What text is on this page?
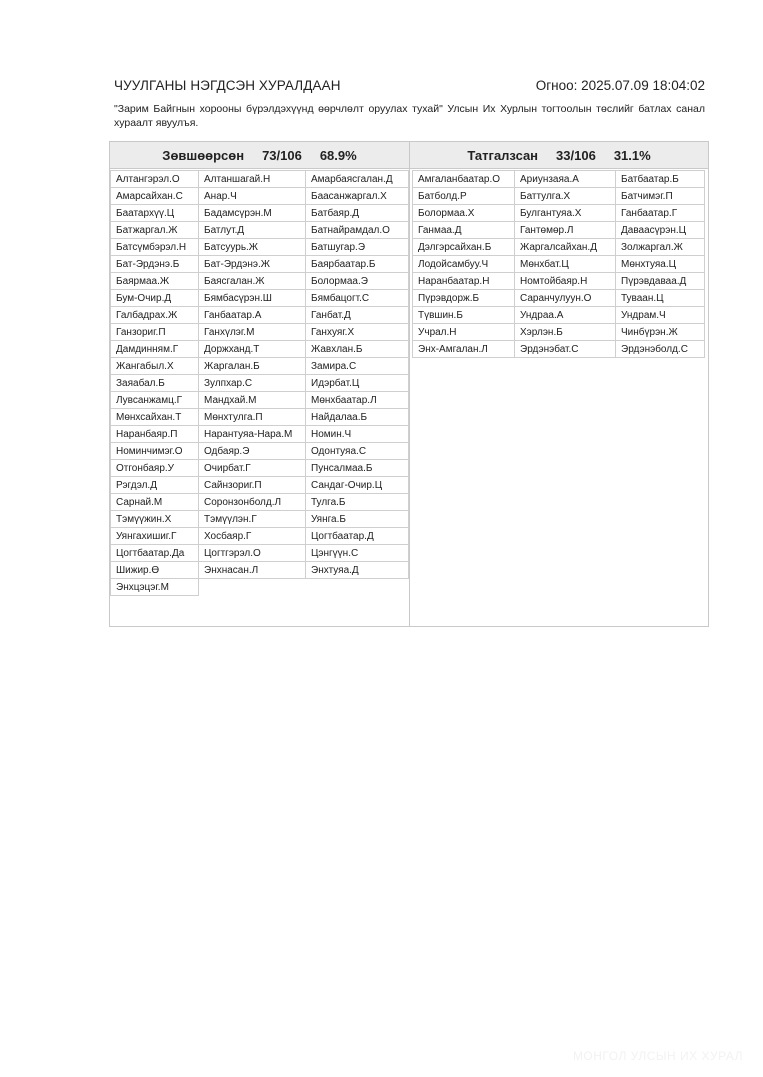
ЧУУЛГАНЫ НЭГДСЭН ХУРАЛДААН	Огноо: 2025.07.09 18:04:02
"Зарим Байгнын хорооны бүрэлдэхүүнд өөрчлөлт оруулах тухай" Улсын Их Хурлын тогтоолын төслийг батлах санал хураалт явуулъя.
Зөвшөөрсөн 73/106 68.9%
Алтангэрэл.О	Алтаншагай.Н	Амарбаясгалан.Д
Амарсайхан.С	Анар.Ч	Баасанжаргал.Х
Баатархүү.Ц	Бадамсүрэн.М	Батбаяр.Д
Батжаргал.Ж	Батлут.Д	Батнайрамдал.О
Батсүмбэрэл.Н	Батсуурь.Ж	Батшугар.Э
Бат-Эрдэнэ.Б	Бат-Эрдэнэ.Ж	Баярбаатар.Б
Баярмаа.Ж	Баясгалан.Ж	Болормаа.Э
Бум-Очир.Д	Бямбасүрэн.Ш	Бямбацогт.С
Галбадрах.Ж	Ганбаатар.А	Ганбат.Д
Ганзориг.П	Ганхүлэг.М	Ганхуяг.Х
Дамдинням.Г	Доржханд.Т	Жавхлан.Б
Жангабыл.Х	Жаргалан.Б	Замира.С
Заяабал.Б	Зулпхар.С	Идэрбат.Ц
Лувсанжамц.Г	Мандхай.М	Мөнхбаатар.Л
Мөнхсайхан.Т	Мөнхтулга.П	Найдалаа.Б
Наранбаяр.П	Нарантуяа-Нара.М	Номин.Ч
Номинчимэг.О	Одбаяр.Э	Одонтуяа.С
Отгонбаяр.У	Очирбат.Г	Пунсалмаа.Б
Рэгдэл.Д	Сайнзориг.П	Сандаг-Очир.Ц
Сарнай.М	Соронзонболд.Л	Тулга.Б
Тэмүүжин.Х	Тэмүүлэн.Г	Уянга.Б
Уянгахишиг.Г	Хосбаяр.Г	Цогтбаатар.Д
Цогтбаатар.Да	Цогтгэрэл.О	Цэнгүүн.С
Шижир.Ө	Энхнасан.Л	Энхтуяа.Д
Энхцэцэг.М
Татгалзсан 33/106 31.1%
Амгаланбаатар.О	Ариунзаяа.А	Батбаатар.Б
Батболд.Р	Баттулга.Х	Батчимэг.П
Болормаа.Х	Булгантуяа.Х	Ганбаатар.Г
Ганмаа.Д	Гантөмөр.Л	Даваасүрэн.Ц
Дэлгэрсайхан.Б	Жаргалсайхан.Д	Золжаргал.Ж
Лодойсамбуу.Ч	Мөнхбат.Ц	Мөнхтуяа.Ц
Наранбаатар.Н	Номтойбаяр.Н	Пүрэвдаваа.Д
Пүрэвдорж.Б	Саранчулуун.О	Туваан.Ц
Түвшин.Б	Ундраа.А	Ундрам.Ч
Учрал.Н	Хэрлэн.Б	Чинбүрэн.Ж
Энх-Амгалан.Л	Эрдэнэбат.С	Эрдэнэболд.С
МОНГОЛ УЛСЫН ИХ ХУРАЛ
